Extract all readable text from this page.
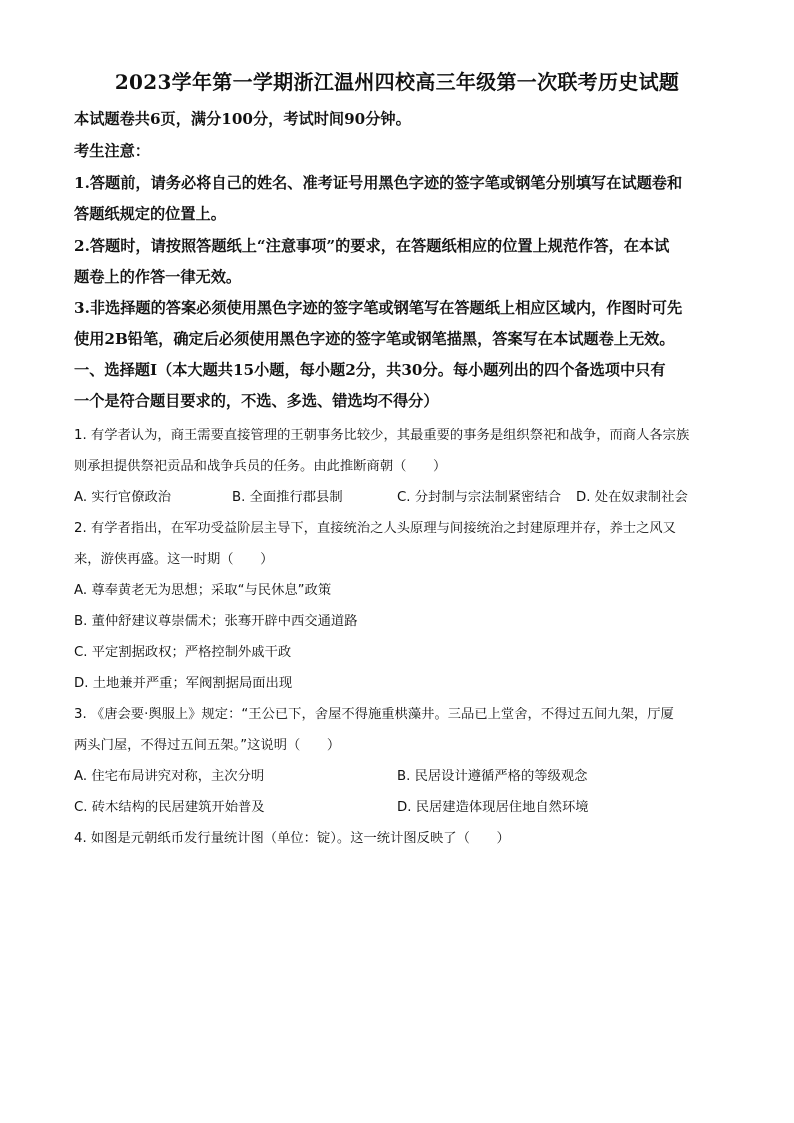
2023学年第一学期浙江温州四校高三年级第一次联考历史试题
本试题卷共6页，满分100分，考试时间90分钟。
考生注意：
1.答题前，请务必将自己的姓名、准考证号用黑色字迹的签字笔或钢笔分别填写在试题卷和
答题纸规定的位置上。
2.答题时，请按照答题纸上“注意事项”的要求，在答题纸相应的位置上规范作答，在本试
题卷上的作答一律无效。
3.非选择题的答案必须使用黑色字迹的签字笔或钢笔写在答题纸上相应区域内，作图时可先
使用2B铅笔，确定后必须使用黑色字迹的签字笔或钢笔描黑，答案写在本试题卷上无效。
一、选择题Ⅰ（本大题共15小题，每小题2分，共30分。每小题列出的四个备选项中只有
一个是符合题目要求的，不选、多选、错选均不得分）
1. 有学者认为，商王需要直接管理的王朝事务比较少，其最重要的事务是组织祭祀和战争，而商人各宗族
则承担提供祭祀贡品和战争兵员的任务。由此推断商朝（　　）
A. 实行官僚政治	B. 全面推行郡县制	C. 分封制与宗法制紧密结合 D. 处在奴隶制社会
2. 有学者指出，在军功受益阶层主导下，直接统治之人头原理与间接统治之封建原理并存，养士之风又
来，游侠再盛。这一时期（　　）
A. 尊奉黄老无为思想；采取“与民休息”政策
B. 董仲舒建议尊崇儒术；张骞开辟中西交通道路
C. 平定割据政权；严格控制外戚干政
D. 土地兼并严重；军阀割据局面出现
3. 《唐会要·舆服上》规定：“王公已下，舍屋不得施重栱藻井。三品已上堂舍，不得过五间九架，厅厦
两头门屋，不得过五间五架。”这说明（　　）
A. 住宅布局讲究对称，主次分明	B. 民居设计遵循严格的等级观念
C. 砖木结构的民居建筑开始普及	D. 民居建造体现居住地自然环境
4. 如图是元朝纸币发行量统计图（单位：锭）。这一统计图反映了（　　）
